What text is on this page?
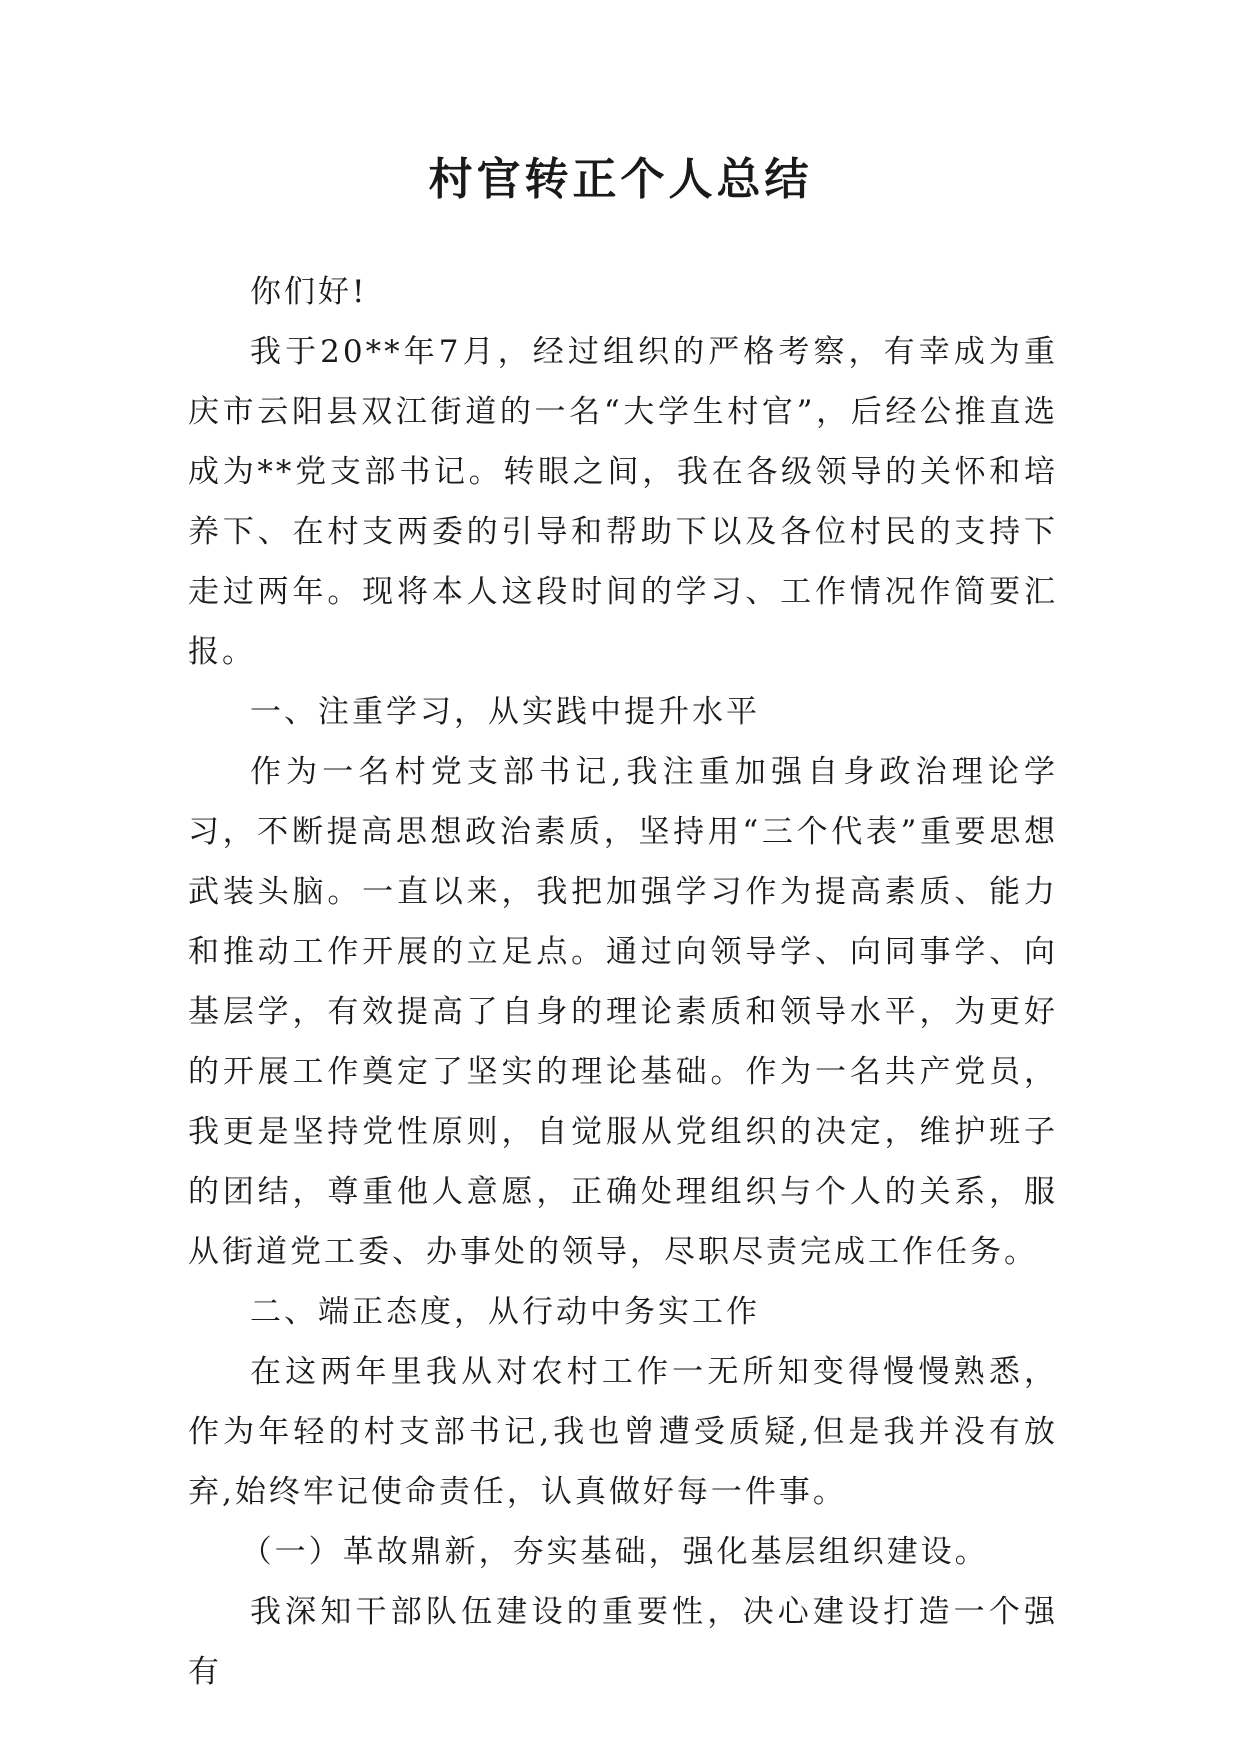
村官转正个人总结

你们好!

我于20**年7月，经过组织的严格考察，有幸成为重庆市云阳县双江街道的一名“大学生村官”，后经公推直选成为**党支部书记。转眼之间，我在各级领导的关怀和培养下、在村支两委的引导和帮助下以及各位村民的支持下走过两年。现将本人这段时间的学习、工作情况作简要汇报。

一、注重学习，从实践中提升水平

作为一名村党支部书记,我注重加强自身政治理论学习，不断提高思想政治素质，坚持用“三个代表”重要思想武装头脑。一直以来，我把加强学习作为提高素质、能力和推动工作开展的立足点。通过向领导学、向同事学、向基层学，有效提高了自身的理论素质和领导水平，为更好的开展工作奠定了坚实的理论基础。作为一名共产党员，我更是坚持党性原则，自觉服从党组织的决定，维护班子的团结，尊重他人意愿，正确处理组织与个人的关系，服从街道党工委、办事处的领导，尽职尽责完成工作任务。

二、端正态度，从行动中务实工作

在这两年里我从对农村工作一无所知变得慢慢熟悉，作为年轻的村支部书记,我也曾遭受质疑,但是我并没有放弃,始终牢记使命责任，认真做好每一件事。

（一）革故鼎新，夯实基础，强化基层组织建设。

我深知干部队伍建设的重要性，决心建设打造一个强有
